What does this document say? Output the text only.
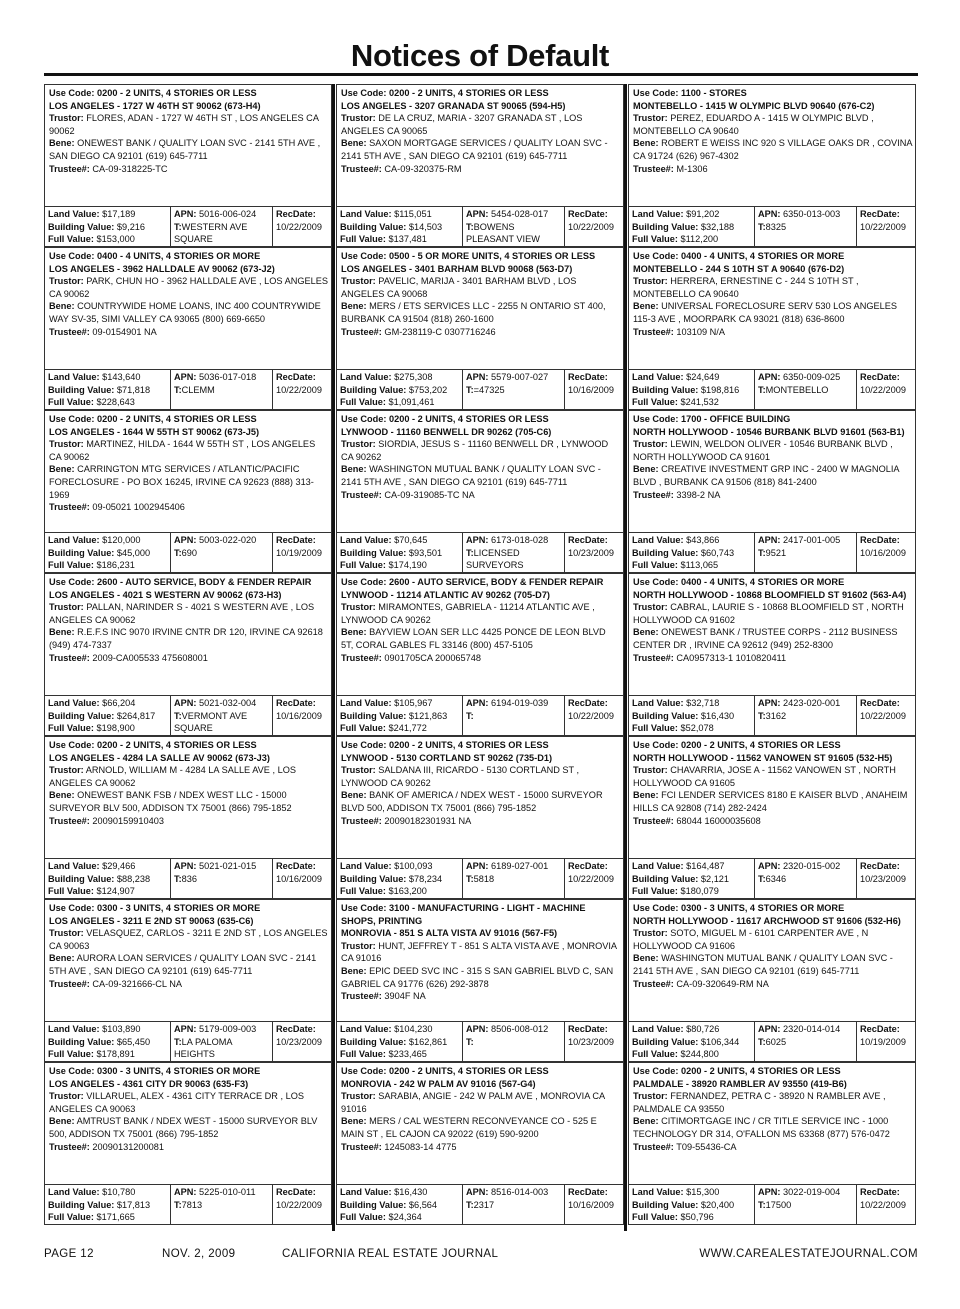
Notices of Default
Use Code: 0200 - 2 UNITS, 4 STORIES OR LESS
LOS ANGELES - 1727 W 46TH ST 90062 (673-H4)
Trustor: FLORES, ADAN - 1727 W 46TH ST , LOS ANGELES CA 90062
Bene: ONEWEST BANK / QUALITY LOAN SVC - 2141 5TH AVE , SAN DIEGO CA 92101 (619) 645-7711
Trustee#: CA-09-318225-TC
Land Value: $17,189
Building Value: $9,216
Full Value: $153,000
APN: 5016-006-024
T:WESTERN AVE SQUARE
RecDate:
10/22/2009
Use Code: 0400 - 4 UNITS, 4 STORIES OR MORE
LOS ANGELES - 3962 HALLDALE AV 90062 (673-J2)
Trustor: PARK, CHUN HO - 3962 HALLDALE AVE , LOS ANGELES CA 90062
Bene: COUNTRYWIDE HOME LOANS, INC 400 COUNTRYWIDE WAY SV-35, SIMI VALLEY CA 93065 (800) 669-6650
Trustee#: 09-0154901 NA
Land Value: $143,640
Building Value: $71,818
Full Value: $228,643
APN: 5036-017-018
T:CLEMM
RecDate:
10/22/2009
Use Code: 0200 - 2 UNITS, 4 STORIES OR LESS
LOS ANGELES - 1644 W 55TH ST 90062 (673-J5)
Trustor: MARTINEZ, HILDA - 1644 W 55TH ST , LOS ANGELES CA 90062
Bene: CARRINGTON MTG SERVICES / ATLANTIC/PACIFIC FORECLOSURE - PO BOX 16245, IRVINE CA 92623 (888) 313-1969
Trustee#: 09-05021 1002945406
Land Value: $120,000
Building Value: $45,000
Full Value: $186,231
APN: 5003-022-020
T:690
RecDate:
10/19/2009
Use Code: 2600 - AUTO SERVICE, BODY & FENDER REPAIR
LOS ANGELES - 4021 S WESTERN AV 90062 (673-H3)
Trustor: PALLAN, NARINDER S - 4021 S WESTERN AVE , LOS ANGELES CA 90062
Bene: R.E.F.S INC 9070 IRVINE CNTR DR 120, IRVINE CA 92618 (949) 474-7337
Trustee#: 2009-CA005533 475608001
Land Value: $66,204
Building Value: $264,817
Full Value: $198,900
APN: 5021-032-004
T:VERMONT AVE SQUARE
RecDate:
10/16/2009
Use Code: 0200 - 2 UNITS, 4 STORIES OR LESS
LOS ANGELES - 4284 LA SALLE AV 90062 (673-J3)
Trustor: ARNOLD, WILLIAM M - 4284 LA SALLE AVE , LOS ANGELES CA 90062
Bene: ONEWEST BANK FSB / NDEX WEST LLC - 15000 SURVEYOR BLV 500, ADDISON TX 75001 (866) 795-1852
Trustee#: 20090159910403
Land Value: $29,466
Building Value: $88,238
Full Value: $124,907
APN: 5021-021-015
T:836
RecDate:
10/16/2009
Use Code: 0300 - 3 UNITS, 4 STORIES OR MORE
LOS ANGELES - 3211 E 2ND ST 90063 (635-C6)
Trustor: VELASQUEZ, CARLOS - 3211 E 2ND ST , LOS ANGELES CA 90063
Bene: AURORA LOAN SERVICES / QUALITY LOAN SVC - 2141 5TH AVE , SAN DIEGO CA 92101 (619) 645-7711
Trustee#: CA-09-321666-CL NA
Land Value: $103,890
Building Value: $65,450
Full Value: $178,891
APN: 5179-009-003
T:LA PALOMA HEIGHTS
RecDate:
10/23/2009
Use Code: 0300 - 3 UNITS, 4 STORIES OR MORE
LOS ANGELES - 4361 CITY DR 90063 (635-F3)
Trustor: VILLARUEL, ALEX - 4361 CITY TERRACE DR , LOS ANGELES CA 90063
Bene: AMTRUST BANK / NDEX WEST - 15000 SURVEYOR BLV 500, ADDISON TX 75001 (866) 795-1852
Trustee#: 20090131200081
Land Value: $10,780
Building Value: $17,813
Full Value: $171,665
APN: 5225-010-011
T:7813
RecDate:
10/22/2009
Use Code: 0200 - 2 UNITS, 4 STORIES OR LESS
LOS ANGELES - 3207 GRANADA ST 90065 (594-H5)
Trustor: DE LA CRUZ, MARIA - 3207 GRANADA ST , LOS ANGELES CA 90065
Bene: SAXON MORTGAGE SERVICES / QUALITY LOAN SVC - 2141 5TH AVE , SAN DIEGO CA 92101 (619) 645-7711
Trustee#: CA-09-320375-RM
Land Value: $115,051
Building Value: $14,503
Full Value: $137,481
APN: 5454-028-017
T:BOWENS PLEASANT VIEW
RecDate:
10/22/2009
Use Code: 0500 - 5 OR MORE UNITS, 4 STORIES OR LESS
LOS ANGELES - 3401 BARHAM BLVD 90068 (563-D7)
Trustor: PAVELIC, MARIJA - 3401 BARHAM BLVD , LOS ANGELES CA 90068
Bene: MERS / ETS SERVICES LLC - 2255 N ONTARIO ST 400, BURBANK CA 91504 (818) 260-1600
Trustee#: GM-238119-C 0307716246
Land Value: $275,308
Building Value: $753,202
Full Value: $1,091,461
APN: 5579-007-027
T:=47325
RecDate:
10/16/2009
Use Code: 0200 - 2 UNITS, 4 STORIES OR LESS
LYNWOOD - 11160 BENWELL DR 90262 (705-C6)
Trustor: SIORDIA, JESUS S - 11160 BENWELL DR , LYNWOOD CA 90262
Bene: WASHINGTON MUTUAL BANK / QUALITY LOAN SVC - 2141 5TH AVE , SAN DIEGO CA 92101 (619) 645-7711
Trustee#: CA-09-319085-TC NA
Land Value: $70,645
Building Value: $93,501
Full Value: $174,190
APN: 6173-018-028
T:LICENSED SURVEYORS
RecDate:
10/23/2009
Use Code: 2600 - AUTO SERVICE, BODY & FENDER REPAIR
LYNWOOD - 11214 ATLANTIC AV 90262 (705-D7)
Trustor: MIRAMONTES, GABRIELA - 11214 ATLANTIC AVE , LYNWOOD CA 90262
Bene: BAYVIEW LOAN SER LLC 4425 PONCE DE LEON BLVD 5T, CORAL GABLES FL 33146 (800) 457-5105
Trustee#: 0901705CA 200065748
Land Value: $105,967
Building Value: $121,863
Full Value: $241,772
APN: 6194-019-039
T:
RecDate:
10/22/2009
Use Code: 0200 - 2 UNITS, 4 STORIES OR LESS
LYNWOOD - 5130 CORTLAND ST 90262 (735-D1)
Trustor: SALDANA III, RICARDO - 5130 CORTLAND ST , LYNWOOD CA 90262
Bene: BANK OF AMERICA / NDEX WEST - 15000 SURVEYOR BLVD 500, ADDISON TX 75001 (866) 795-1852
Trustee#: 20090182301931 NA
Land Value: $100,093
Building Value: $78,234
Full Value: $163,200
APN: 6189-027-001
T:5818
RecDate:
10/22/2009
Use Code: 3100 - MANUFACTURING - LIGHT - MACHINE SHOPS, PRINTING
MONROVIA - 851 S ALTA VISTA AV 91016 (567-F5)
Trustor: HUNT, JEFFREY T - 851 S ALTA VISTA AVE , MONROVIA CA 91016
Bene: EPIC DEED SVC INC - 315 S SAN GABRIEL BLVD C, SAN GABRIEL CA 91776 (626) 292-3878
Trustee#: 3904F NA
Land Value: $104,230
Building Value: $162,861
Full Value: $233,465
APN: 8506-008-012
T:
RecDate:
10/23/2009
Use Code: 0200 - 2 UNITS, 4 STORIES OR LESS
MONROVIA - 242 W PALM AV 91016 (567-G4)
Trustor: SARABIA, ANGIE - 242 W PALM AVE , MONROVIA CA 91016
Bene: MERS / CAL WESTERN RECONVEYANCE CO - 525 E MAIN ST , EL CAJON CA 92022 (619) 590-9200
Trustee#: 1245083-14 4775
Land Value: $16,430
Building Value: $6,564
Full Value: $24,364
APN: 8516-014-003
T:2317
RecDate:
10/16/2009
Use Code: 1100 - STORES
MONTEBELLO - 1415 W OLYMPIC BLVD 90640 (676-C2)
Trustor: PEREZ, EDUARDO A - 1415 W OLYMPIC BLVD , MONTEBELLO CA 90640
Bene: ROBERT E WEISS INC 920 S VILLAGE OAKS DR , COVINA CA 91724 (626) 967-4302
Trustee#: M-1306
Land Value: $91,202
Building Value: $32,188
Full Value: $112,200
APN: 6350-013-003
T:8325
RecDate:
10/22/2009
Use Code: 0400 - 4 UNITS, 4 STORIES OR MORE
MONTEBELLO - 244 S 10TH ST A 90640 (676-D2)
Trustor: HERRERA, ERNESTINE C - 244 S 10TH ST , MONTEBELLO CA 90640
Bene: UNIVERSAL FORECLOSURE SERV 530 LOS ANGELES 115-3 AVE , MOORPARK CA 93021 (818) 636-8600
Trustee#: 103109 N/A
Land Value: $24,649
Building Value: $198,816
Full Value: $241,532
APN: 6350-009-025
T:MONTEBELLO
RecDate:
10/22/2009
Use Code: 1700 - OFFICE BUILDING
NORTH HOLLYWOOD - 10546 BURBANK BLVD 91601 (563-B1)
Trustor: LEWIN, WELDON OLIVER - 10546 BURBANK BLVD , NORTH HOLLYWOOD CA 91601
Bene: CREATIVE INVESTMENT GRP INC - 2400 W MAGNOLIA BLVD , BURBANK CA 91506 (818) 841-2400
Trustee#: 3398-2 NA
Land Value: $43,866
Building Value: $60,743
Full Value: $113,065
APN: 2417-001-005
T:9521
RecDate:
10/16/2009
Use Code: 0400 - 4 UNITS, 4 STORIES OR MORE
NORTH HOLLYWOOD - 10868 BLOOMFIELD ST 91602 (563-A4)
Trustor: CABRAL, LAURIE S - 10868 BLOOMFIELD ST , NORTH HOLLYWOOD CA 91602
Bene: ONEWEST BANK / TRUSTEE CORPS - 2112 BUSINESS CENTER DR , IRVINE CA 92612 (949) 252-8300
Trustee#: CA0957313-1 1010820411
Land Value: $32,718
Building Value: $16,430
Full Value: $52,078
APN: 2423-020-001
T:3162
RecDate:
10/22/2009
Use Code: 0200 - 2 UNITS, 4 STORIES OR LESS
NORTH HOLLYWOOD - 11562 VANOWEN ST 91605 (532-H5)
Trustor: CHAVARRIA, JOSE A - 11562 VANOWEN ST , NORTH HOLLYWOOD CA 91605
Bene: FCI LENDER SERVICES 8180 E KAISER BLVD , ANAHEIM HILLS CA 92808 (714) 282-2424
Trustee#: 68044 16000035608
Land Value: $164,487
Building Value: $2,121
Full Value: $180,079
APN: 2320-015-002
T:6346
RecDate:
10/23/2009
Use Code: 0300 - 3 UNITS, 4 STORIES OR MORE
NORTH HOLLYWOOD - 11617 ARCHWOOD ST 91606 (532-H6)
Trustor: SOTO, MIGUEL M - 6101 CARPENTER AVE , N HOLLYWOOD CA 91606
Bene: WASHINGTON MUTUAL BANK / QUALITY LOAN SVC - 2141 5TH AVE , SAN DIEGO CA 92101 (619) 645-7711
Trustee#: CA-09-320649-RM NA
Land Value: $80,726
Building Value: $106,344
Full Value: $244,800
APN: 2320-014-014
T:6025
RecDate:
10/19/2009
Use Code: 0200 - 2 UNITS, 4 STORIES OR LESS
PALMDALE - 38920 RAMBLER AV 93550 (419-B6)
Trustor: FERNANDEZ, PETRA C - 38920 N RAMBLER AVE , PALMDALE CA 93550
Bene: CITIMORTGAGE INC / CR TITLE SERVICE INC - 1000 TECHNOLOGY DR 314, O'FALLON MS 63368 (877) 576-0472
Trustee#: T09-55436-CA
Land Value: $15,300
Building Value: $20,400
Full Value: $50,796
APN: 3022-019-004
T:17500
RecDate:
10/22/2009
PAGE 12	NOV. 2, 2009	CALIFORNIA REAL ESTATE JOURNAL	WWW.CAREALESTATEJOURNAL.COM
